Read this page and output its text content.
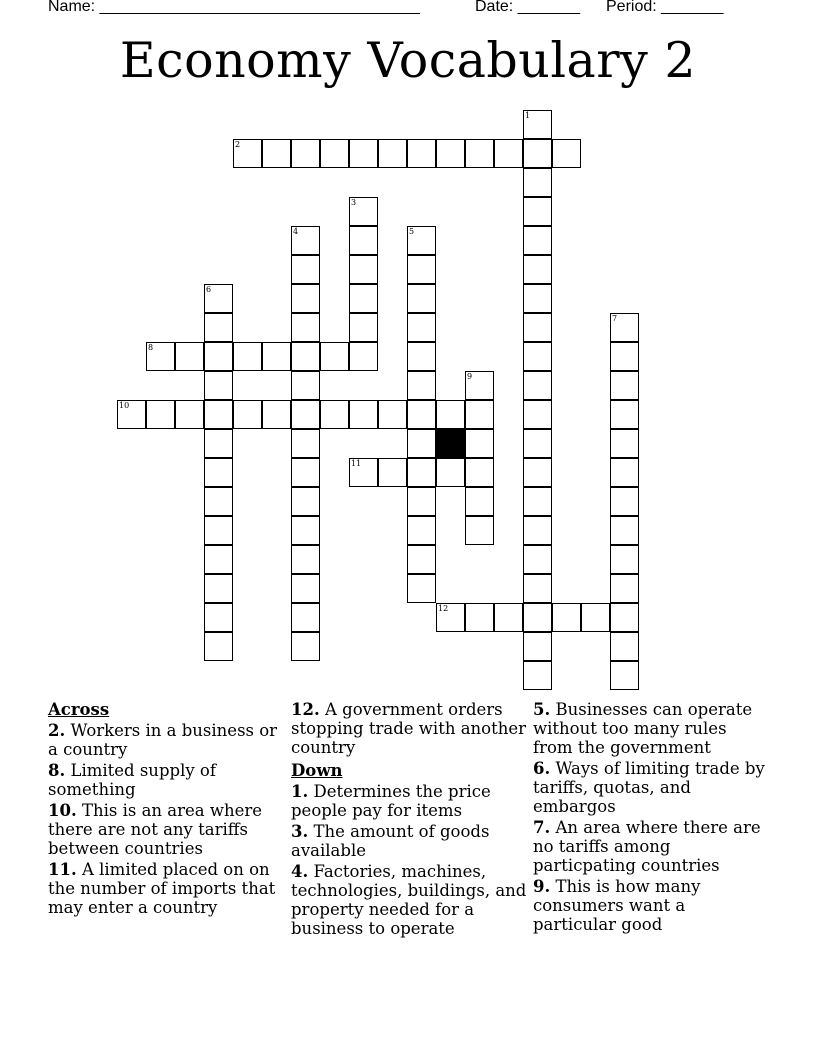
Name: ____________________________________

	Date: _______

Period: _______

Economy Vocabulary 2
1
2
3
4	5
6
7
8
9
10
11
12
Across
2. Workers in a business or a country
8. Limited supply of something
10. This is an area where there are not any tariffs between countries
11. A limited placed on on the number of imports that may enter a country
12. A government orders stopping trade with another country
Down
1. Determines the price people pay for items
3. The amount of goods available
4. Factories, machines, technologies, buildings, and property needed for a business to operate
5. Businesses can operate without too many rules from the government
6. Ways of limiting trade by tariffs, quotas, and embargos
7. An area where there are no tariffs among particpating countries
9. This is how many consumers want a particular good
